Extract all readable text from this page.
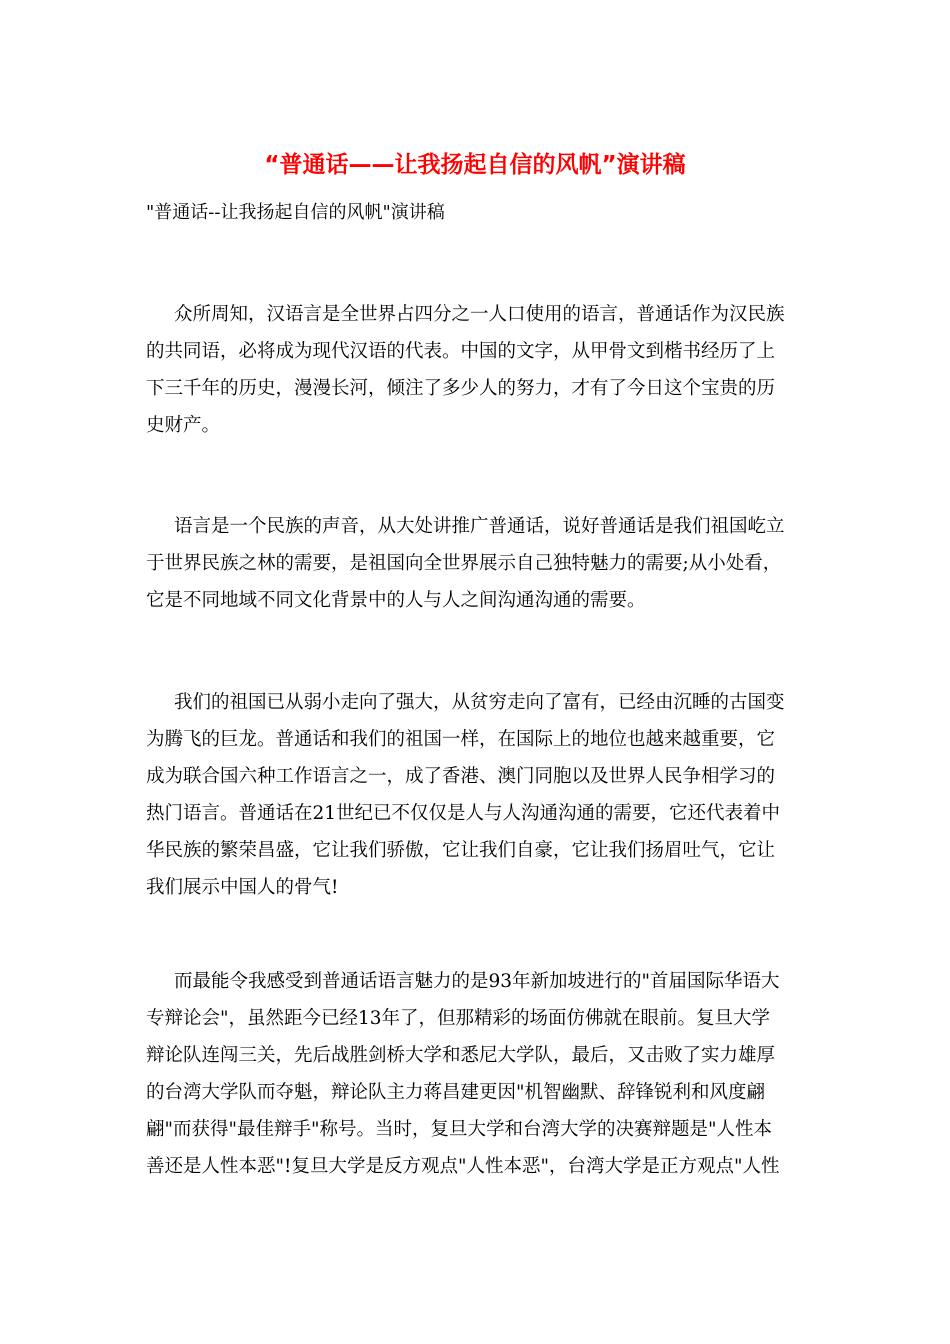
“普通话——让我扬起自信的风帆”演讲稿
"普通话--让我扬起自信的风帆"演讲稿
众所周知，汉语言是全世界占四分之一人口使用的语言，普通话作为汉民族
的共同语，必将成为现代汉语的代表。中国的文字，从甲骨文到楷书经历了上
下三千年的历史，漫漫长河，倾注了多少人的努力，才有了今日这个宝贵的历
史财产。
语言是一个民族的声音，从大处讲推广普通话，说好普通话是我们祖国屹立
于世界民族之林的需要，是祖国向全世界展示自己独特魅力的需要;从小处看，
它是不同地域不同文化背景中的人与人之间沟通沟通的需要。
我们的祖国已从弱小走向了强大，从贫穷走向了富有，已经由沉睡的古国变
为腾飞的巨龙。普通话和我们的祖国一样，在国际上的地位也越来越重要，它
成为联合国六种工作语言之一，成了香港、澳门同胞以及世界人民争相学习的
热门语言。普通话在21世纪已不仅仅是人与人沟通沟通的需要，它还代表着中
华民族的繁荣昌盛，它让我们骄傲，它让我们自豪，它让我们扬眉吐气，它让
我们展示中国人的骨气!
而最能令我感受到普通话语言魅力的是93年新加坡进行的"首届国际华语大
专辩论会"，虽然距今已经13年了，但那精彩的场面仿佛就在眼前。复旦大学
辩论队连闯三关，先后战胜剑桥大学和悉尼大学队，最后，又击败了实力雄厚
的台湾大学队而夺魁，辩论队主力蒋昌建更因"机智幽默、辞锋锐利和风度翩
翩"而获得"最佳辩手"称号。当时，复旦大学和台湾大学的决赛辩题是"人性本
善还是人性本恶"!复旦大学是反方观点"人性本恶"，台湾大学是正方观点"人性
